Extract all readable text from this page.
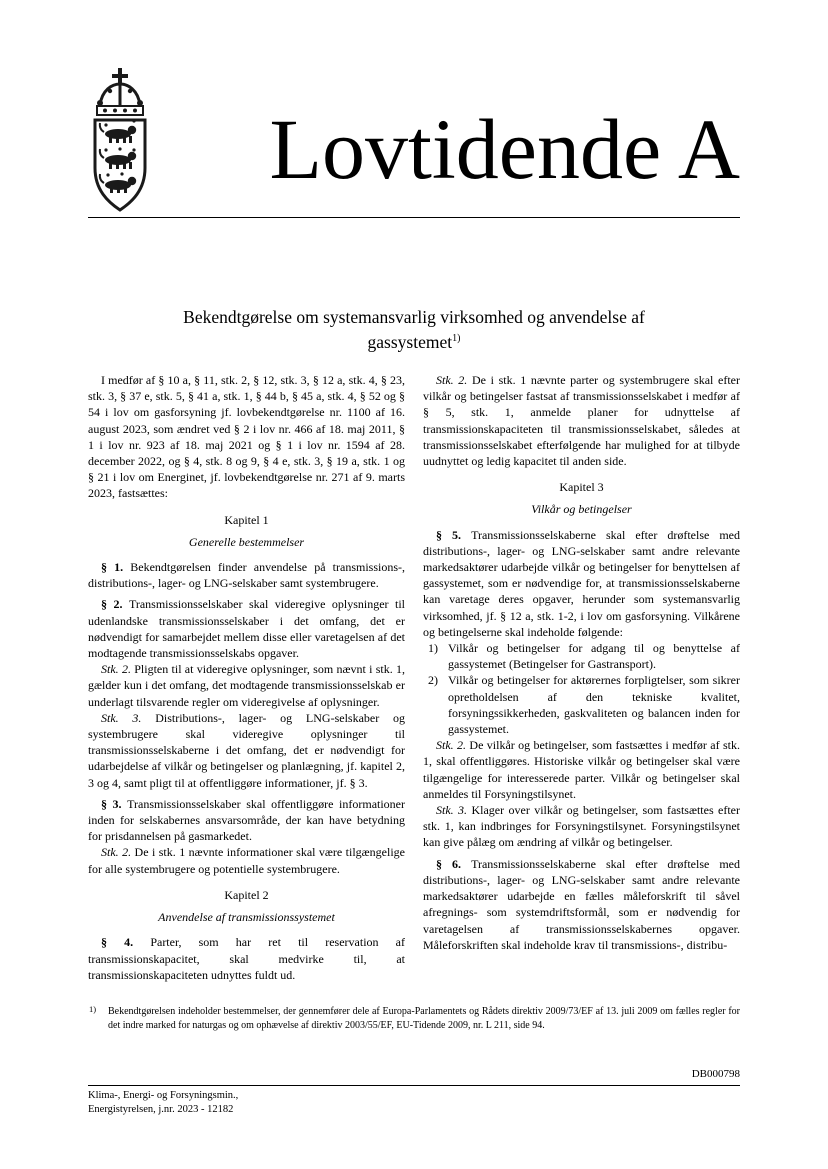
Lovtidende A
Bekendtgørelse om systemansvarlig virksomhed og anvendelse af
gassystemet$^{1)}$

I medfør af § 10 a, § 11, stk. 2, § 12, stk. 3, § 12 a, stk. 4, § 23, stk. 3, § 37 e, stk. 5, § 41 a, stk. 1, § 44 b, § 45 a, stk. 4, § 52 og § 54 i lov om gasforsyning jf. lovbekendtgørelse nr. 1100 af 16. august 2023, som ændret ved § 2 i lov nr. 466 af 18. maj 2011, § 1 i lov nr. 923 af 18. maj 2021 og § 1 i lov nr. 1594 af 28. december 2022, og § 4, stk. 8 og 9, § 4 e, stk. 3, § 19 a, stk. 1 og § 21 i lov om Energinet, jf. lovbekendtgørelse nr. 271 af 9. marts 2023, fastsættes:

Kapitel 1
Generelle bestemmelser

§ 1. Bekendtgørelsen finder anvendelse på transmissions-, distributions-, lager- og LNG-selskaber samt systembrugere.

§ 2. Transmissionsselskaber skal videregive oplysninger til udenlandske transmissionsselskaber i det omfang, det er nødvendigt for samarbejdet mellem disse eller varetagelsen af det modtagende transmissionsselskabs opgaver.

Stk. 2. Pligten til at videregive oplysninger, som nævnt i stk. 1, gælder kun i det omfang, det modtagende transmissionsselskab er underlagt tilsvarende regler om videregivelse af oplysninger.

Stk. 3. Distributions-, lager- og LNG-selskaber og systembrugere skal videregive oplysninger til transmissionsselskaberne i det omfang, det er nødvendigt for udarbejdelse af vilkår og betingelser og planlægning, jf. kapitel 2, 3 og 4, samt pligt til at offentliggøre informationer, jf. § 3.

§ 3. Transmissionsselskaber skal offentliggøre informationer inden for selskabernes ansvarsområde, der kan have betydning for prisdannelsen på gasmarkedet.

Stk. 2. De i stk. 1 nævnte informationer skal være tilgængelige for alle systembrugere og potentielle systembrugere.

Kapitel 2
Anvendelse af transmissionssystemet

§ 4. Parter, som har ret til reservation af transmissionskapacitet, skal medvirke til, at transmissionskapaciteten udnyttes fuldt ud.

Stk. 2. De i stk. 1 nævnte parter og systembrugere skal efter vilkår og betingelser fastsat af transmissionsselskabet i medfør af § 5, stk. 1, anmelde planer for udnyttelse af transmissionskapaciteten til transmissionsselskabet, således at transmissionsselskabet efterfølgende har mulighed for at tilbyde uudnyttet og ledig kapacitet til anden side.

Kapitel 3
Vilkår og betingelser

§ 5. Transmissionsselskaberne skal efter drøftelse med distributions-, lager- og LNG-selskaber samt andre relevante markedsaktører udarbejde vilkår og betingelser for benyttelsen af gassystemet, som er nødvendige for, at transmissionsselskaberne kan varetage deres opgaver, herunder som systemansvarlig virksomhed, jf. § 12 a, stk. 1-2, i lov om gasforsyning. Vilkårene og betingelserne skal indeholde følgende:

1) Vilkår og betingelser for adgang til og benyttelse af gassystemet (Betingelser for Gastransport).
2) Vilkår og betingelser for aktørernes forpligtelser, som sikrer opretholdelsen af den tekniske kvalitet, forsyningssikkerheden, gaskvaliteten og balancen inden for gassystemet.

Stk. 2. De vilkår og betingelser, som fastsættes i medfør af stk. 1, skal offentliggøres. Historiske vilkår og betingelser skal være tilgængelige for interesserede parter. Vilkår og betingelser skal anmeldes til Forsyningstilsynet.

Stk. 3. Klager over vilkår og betingelser, som fastsættes efter stk. 1, kan indbringes for Forsyningstilsynet. Forsyningstilsynet kan give pålæg om ændring af vilkår og betingelser.

§ 6. Transmissionsselskaberne skal efter drøftelse med distributions-, lager- og LNG-selskaber samt andre relevante markedsaktører udarbejde en fælles måleforskrift til såvel afregnings- som systemdriftsformål, som er nødvendig for varetagelsen af transmissionsselskabernes opgaver. Måleforskriften skal indeholde krav til transmissions-, distribu-

1) Bekendtgørelsen indeholder bestemmelser, der gennemfører dele af Europa-Parlamentets og Rådets direktiv 2009/73/EF af 13. juli 2009 om fælles regler for det indre marked for naturgas og om ophævelse af direktiv 2003/55/EF, EU-Tidende 2009, nr. L 211, side 94.
DB000798
Klima-, Energi- og Forsyningsmin.,
Energistyrelsen, j.nr. 2023 - 12182
